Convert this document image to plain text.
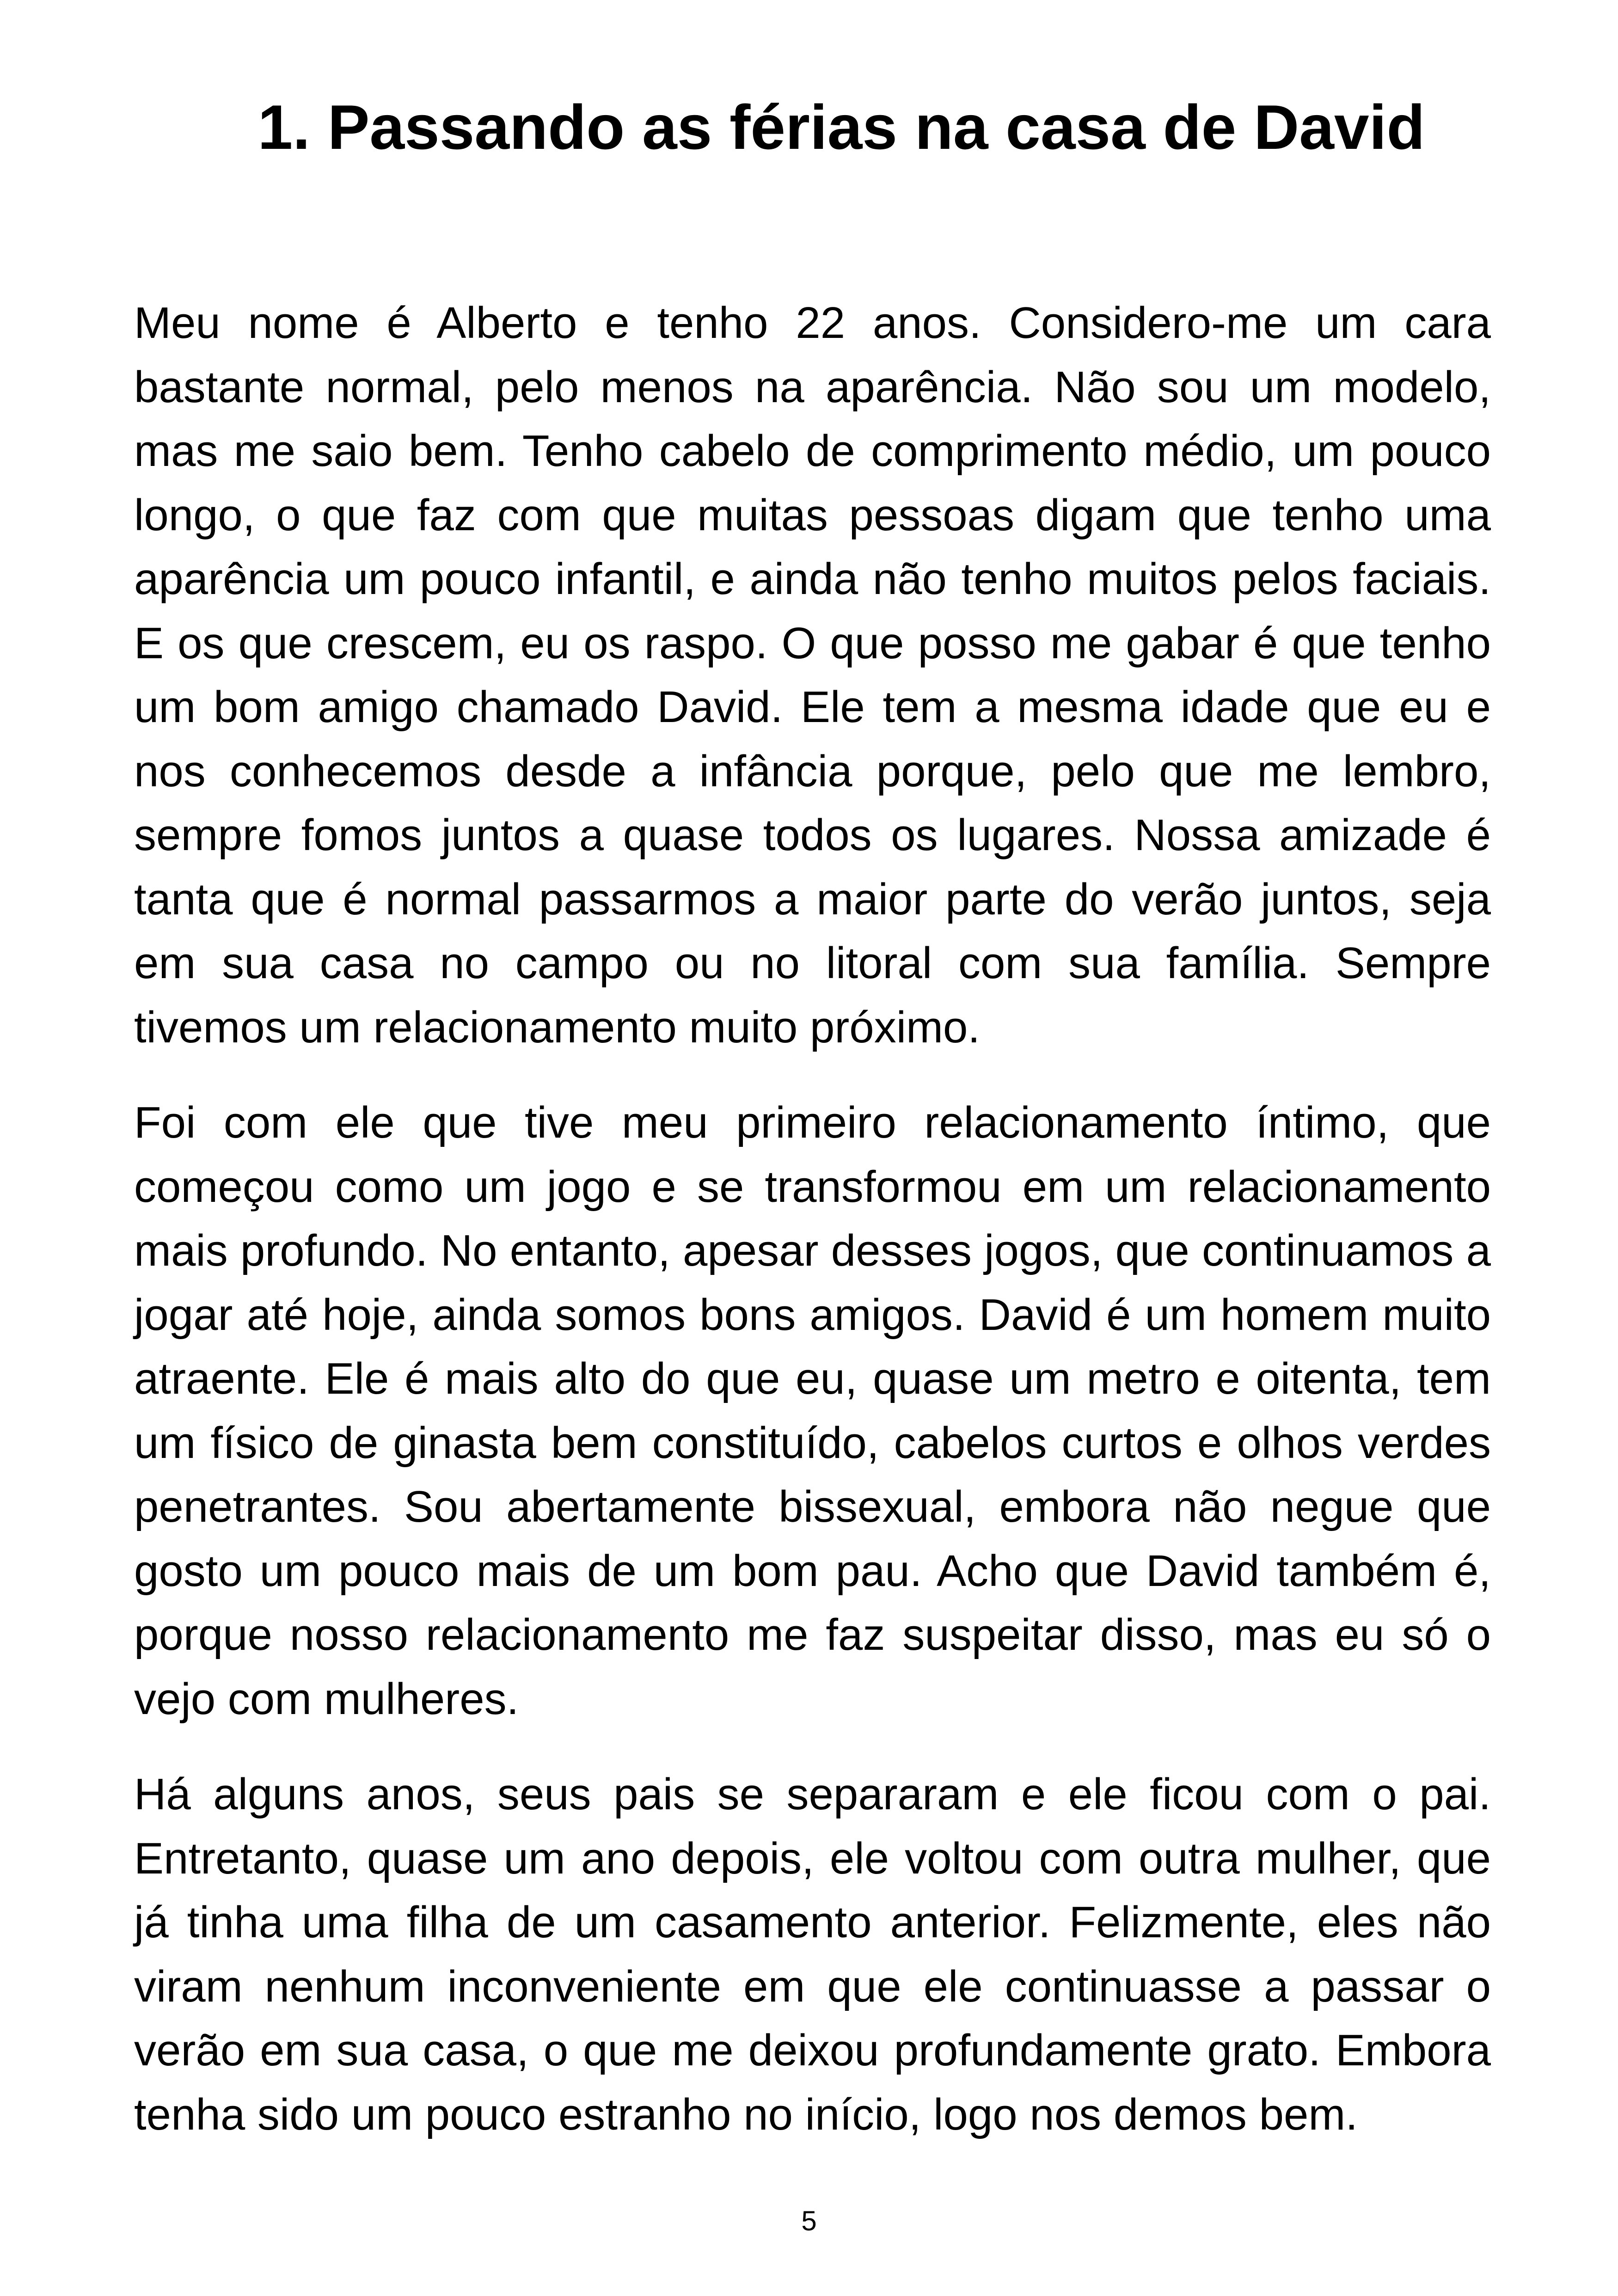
1. Passando as férias na casa de David

Meu nome é Alberto e tenho 22 anos. Considero-me um cara bastante normal, pelo menos na aparência. Não sou um modelo, mas me saio bem. Tenho cabelo de comprimento médio, um pouco longo, o que faz com que muitas pessoas digam que tenho uma aparência um pouco infantil, e ainda não tenho muitos pelos faciais. E os que crescem, eu os raspo. O que posso me gabar é que tenho um bom amigo chamado David. Ele tem a mesma idade que eu e nos conhecemos desde a infância porque, pelo que me lembro, sempre fomos juntos a quase todos os lugares. Nossa amizade é tanta que é normal passarmos a maior parte do verão juntos, seja em sua casa no campo ou no litoral com sua família. Sempre tivemos um relacionamento muito próximo.

Foi com ele que tive meu primeiro relacionamento íntimo, que começou como um jogo e se transformou em um relacionamento mais profundo. No entanto, apesar desses jogos, que continuamos a jogar até hoje, ainda somos bons amigos. David é um homem muito atraente. Ele é mais alto do que eu, quase um metro e oitenta, tem um físico de ginasta bem constituído, cabelos curtos e olhos verdes penetrantes. Sou abertamente bissexual, embora não negue que gosto um pouco mais de um bom pau. Acho que David também é, porque nosso relacionamento me faz suspeitar disso, mas eu só o vejo com mulheres.

Há alguns anos, seus pais se separaram e ele ficou com o pai. Entretanto, quase um ano depois, ele voltou com outra mulher, que já tinha uma filha de um casamento anterior. Felizmente, eles não viram nenhum inconveniente em que ele continuasse a passar o verão em sua casa, o que me deixou profundamente grato. Embora tenha sido um pouco estranho no início, logo nos demos bem.

5
